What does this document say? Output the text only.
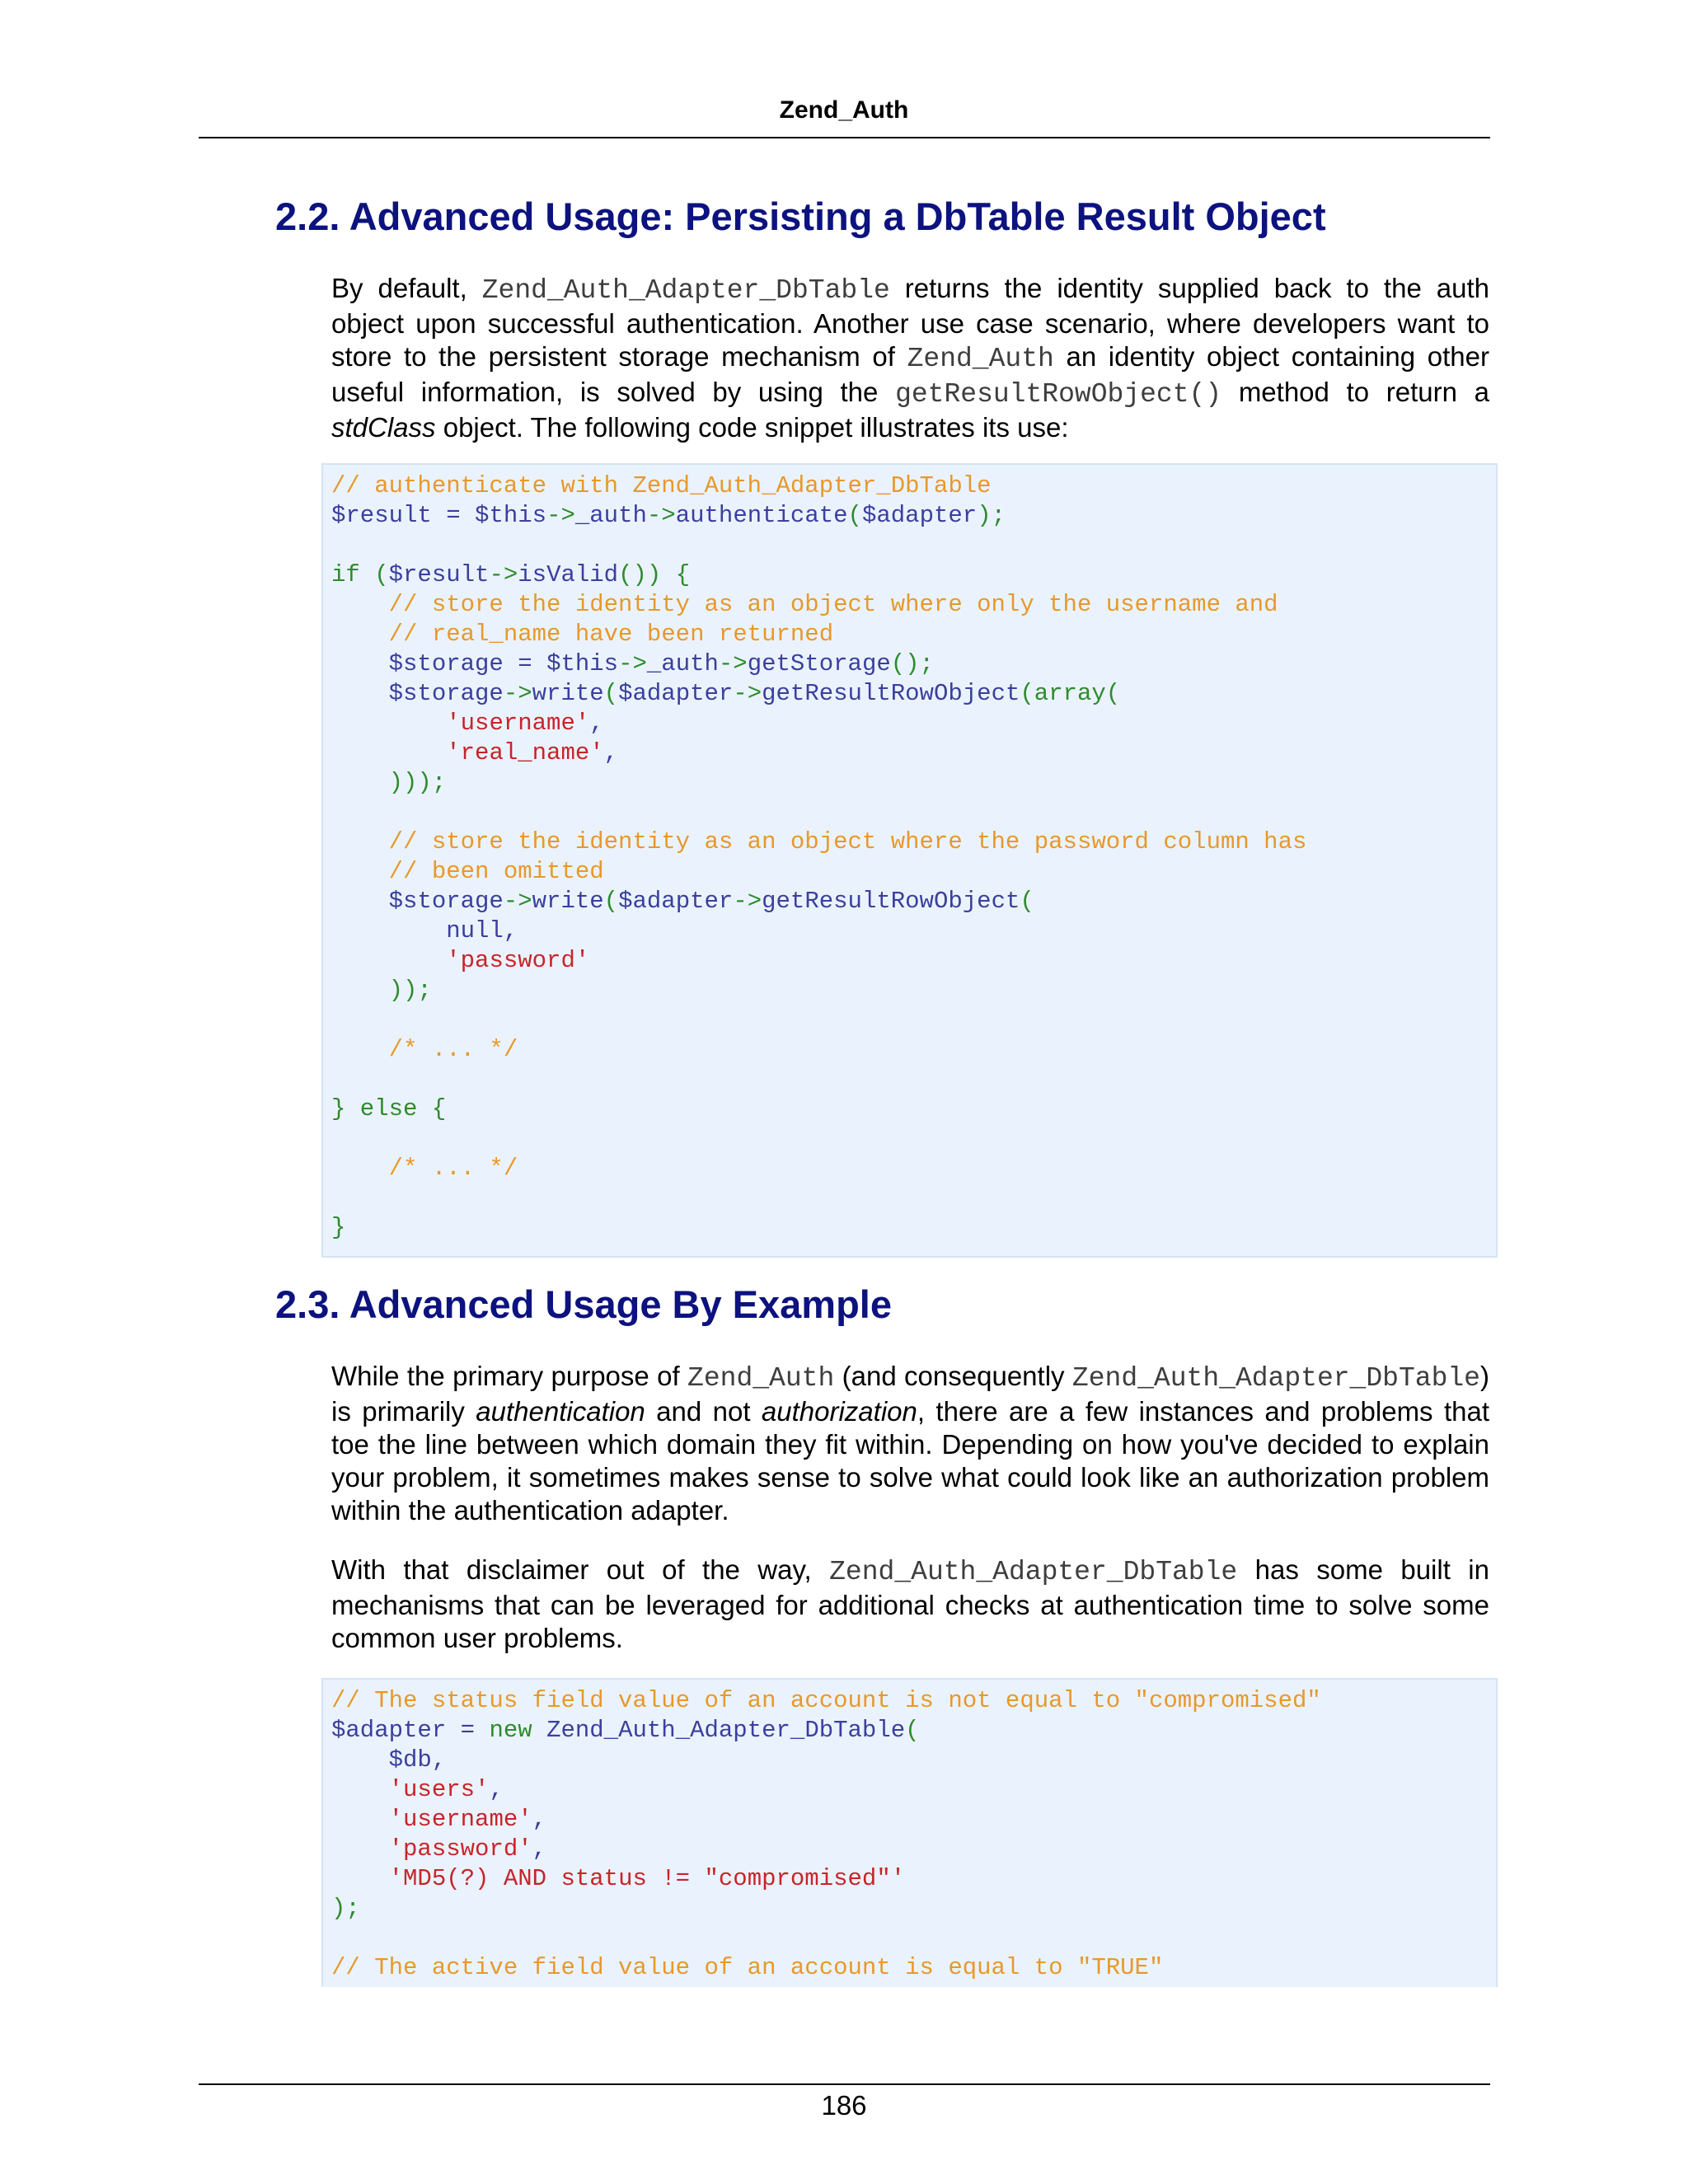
Zend_Auth
2.2. Advanced Usage: Persisting a DbTable Result Object

By default, Zend_Auth_Adapter_DbTable returns the identity supplied back to the auth object upon successful authentication. Another use case scenario, where developers want to store to the persistent storage mechanism of Zend_Auth an identity object containing other useful information, is solved by using the getResultRowObject() method to return a stdClass object. The following code snippet illustrates its use:

// authenticate with Zend_Auth_Adapter_DbTable
$result = $this->_auth->authenticate($adapter);
if ($result->isValid()) {
// store the identity as an object where only the username and
// real_name have been returned
$storage = $this->_auth->getStorage();
$storage->write($adapter->getResultRowObject(array(
'username',
'real_name',
)));
// store the identity as an object where the password column has
// been omitted
$storage->write($adapter->getResultRowObject(
null,
'password'
));
/* ... */
} else {
/* ... */
}
2.3. Advanced Usage By Example

While the primary purpose of Zend_Auth (and consequently Zend_Auth_Adapter_DbTable) is primarily authentication and not authorization, there are a few instances and problems that toe the line between which domain they fit within. Depending on how you've decided to explain your problem, it sometimes makes sense to solve what could look like an authorization problem within the authentication adapter.

With that disclaimer out of the way, Zend_Auth_Adapter_DbTable has some built in mechanisms that can be leveraged for additional checks at authentication time to solve some common user problems.

// The status field value of an account is not equal to "compromised"
$adapter = new Zend_Auth_Adapter_DbTable(
$db,
'users',
'username',
'password',
'MD5(?) AND status != "compromised"'
);
// The active field value of an account is equal to "TRUE"
186
